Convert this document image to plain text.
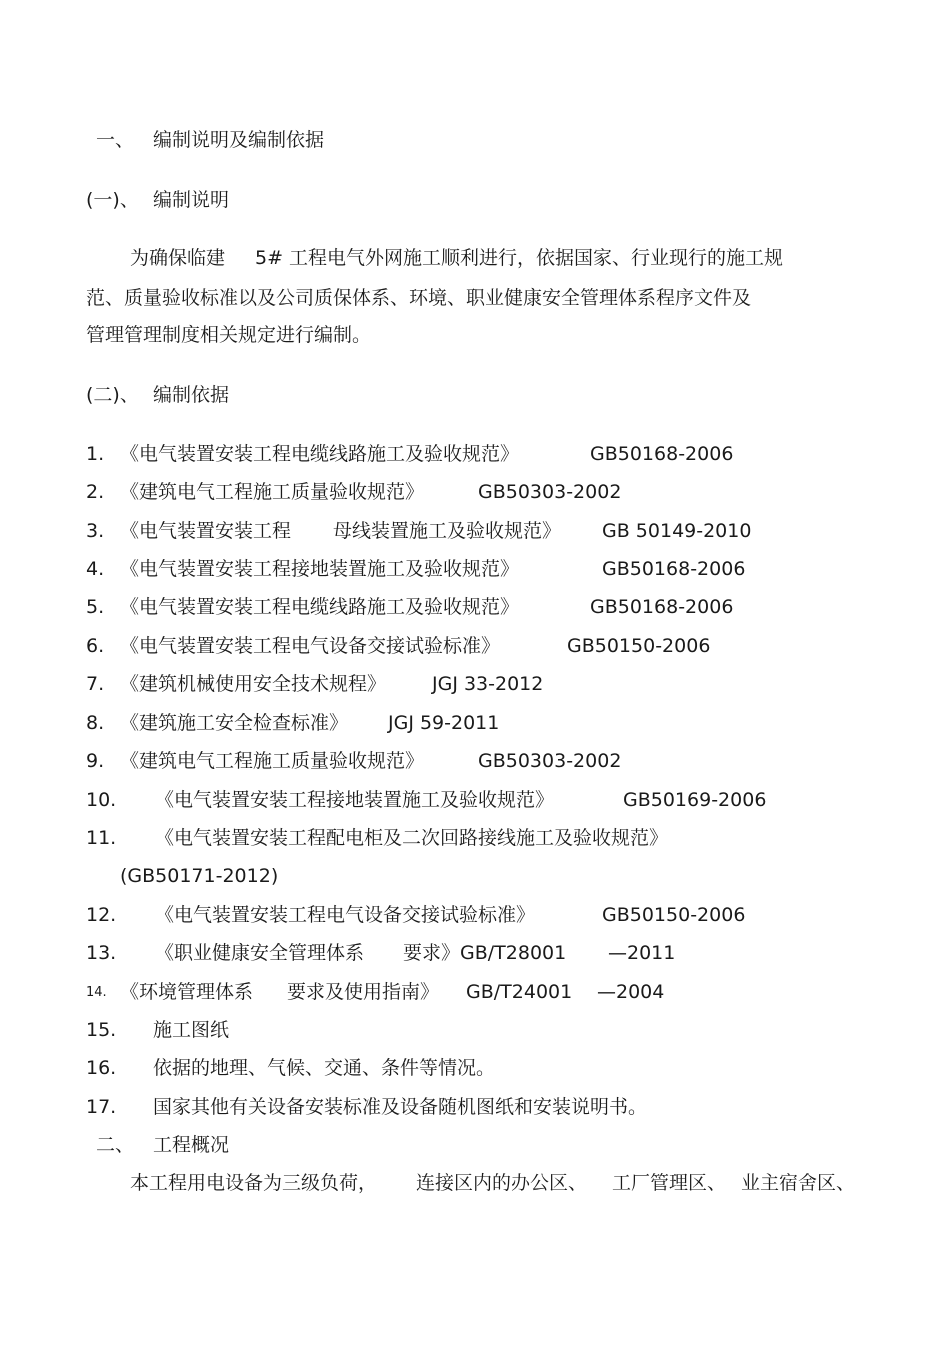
一、 编制说明及编制依据
(一)、 编制说明
为确保临建 5# 工程电气外网施工顺利进行，依据国家、行业现行的施工规
范、质量验收标准以及公司质保体系、环境、职业健康安全管理体系程序文件及
管理管理制度相关规定进行编制。
(二)、 编制依据
1. 《电气装置安装工程电缆线路施工及验收规范》	GB50168-2006
2. 《建筑电气工程施工质量验收规范》	GB50303-2002
3. 《电气装置安装工程 母线装置施工及验收规范》 GB 50149-2010
4. 《电气装置安装工程接地装置施工及验收规范》	GB50168-2006
5. 《电气装置安装工程电缆线路施工及验收规范》	GB50168-2006
6. 《电气装置安装工程电气设备交接试验标准》	GB50150-2006
7. 《建筑机械使用安全技术规程》 JGJ 33-2012
8. 《建筑施工安全检查标准》 JGJ 59-2011
9. 《建筑电气工程施工质量验收规范》	GB50303-2002
10. 《电气装置安装工程接地装置施工及验收规范》	GB50169-2006
11. 《电气装置安装工程配电柜及二次回路接线施工及验收规范》
(GB50171-2012)
12. 《电气装置安装工程电气设备交接试验标准》	GB50150-2006
13. 《职业健康安全管理体系 要求》GB/T28001 —2011
14. 《环境管理体系 要求及使用指南》 GB/T24001 —2004
15. 施工图纸
16. 依据的地理、气候、交通、条件等情况。
17. 国家其他有关设备安装标准及设备随机图纸和安装说明书。
二、 工程概况
本工程用电设备为三级负荷， 连接区内的办公区、 工厂管理区、 业主宿舍区、
